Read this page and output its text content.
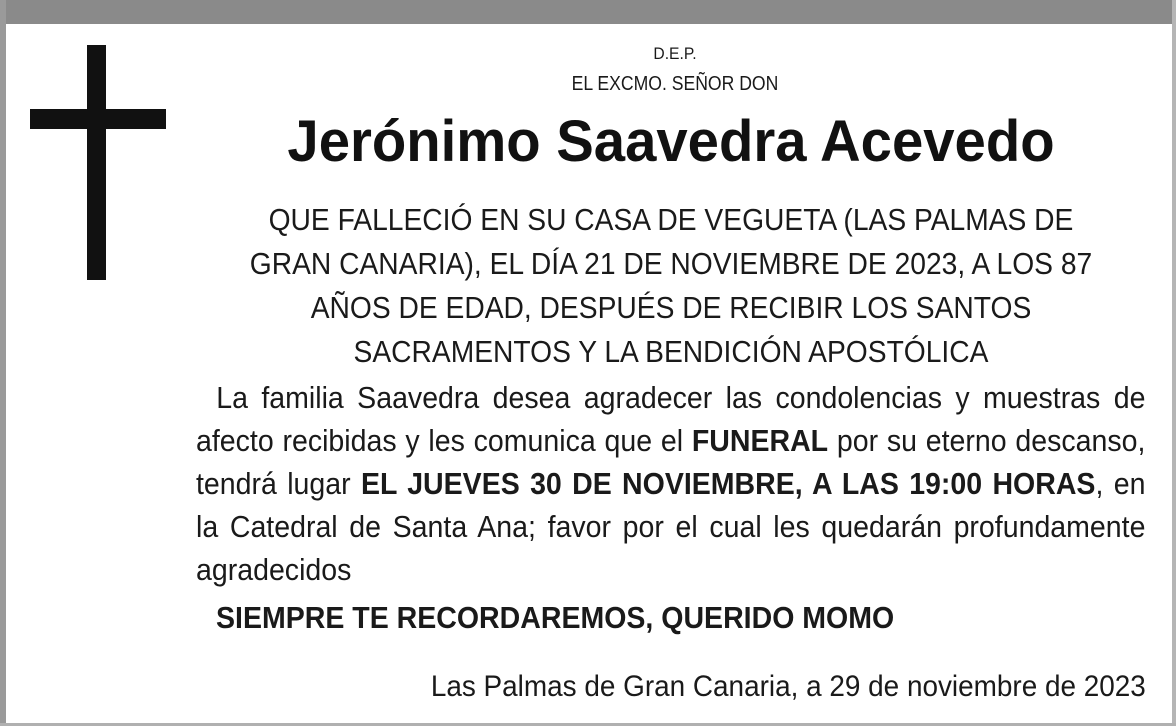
D.E.P.
EL EXCMO. SEÑOR DON
Jerónimo Saavedra Acevedo
QUE FALLECIÓ EN SU CASA DE VEGUETA (LAS PALMAS DE
GRAN CANARIA), EL DÍA 21 DE NOVIEMBRE DE 2023, A LOS 87
AÑOS DE EDAD, DESPUÉS DE RECIBIR LOS SANTOS
SACRAMENTOS Y LA BENDICIÓN APOSTÓLICA
La familia Saavedra desea agradecer las condolencias y muestras de afecto recibidas y les comunica que el FUNERAL por su eterno descanso, tendrá lugar EL JUEVES 30 DE NOVIEMBRE, A LAS 19:00 HORAS, en la Catedral de Santa Ana; favor por el cual les quedarán profundamente agradecidos
SIEMPRE TE RECORDAREMOS, QUERIDO MOMO
Las Palmas de Gran Canaria, a 29 de noviembre de 2023
